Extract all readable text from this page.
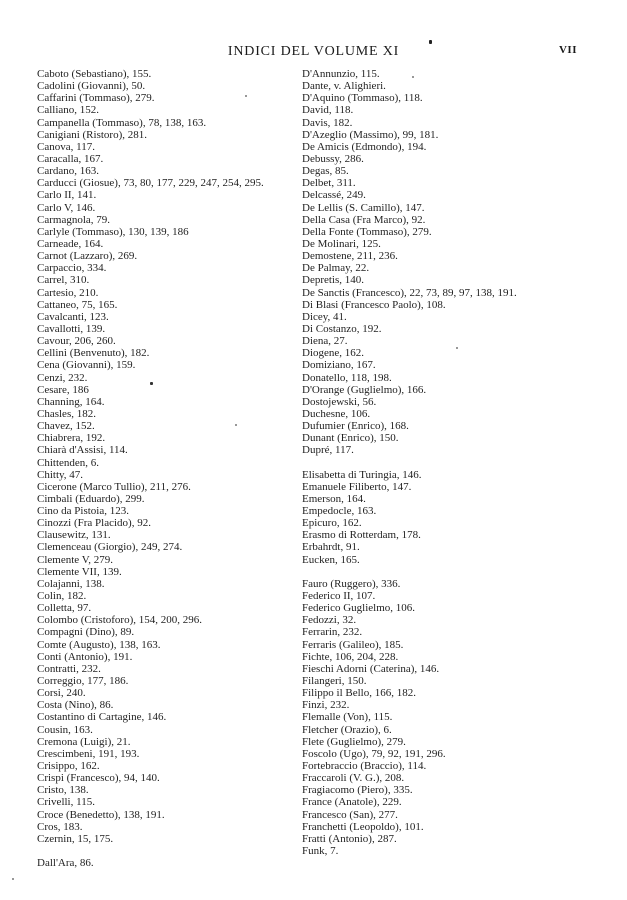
INDICI DEL VOLUME XI	VII
Caboto (Sebastiano), 155.
Cadolini (Giovanni), 50.
Caffarini (Tommaso), 279.
Calliano, 152.
Campanella (Tommaso), 78, 138, 163.
Canigiani (Ristoro), 281.
Canova, 117.
Caracalla, 167.
Cardano, 163.
Carducci (Giosue), 73, 80, 177, 229, 247, 254, 295.
Carlo II, 141.
Carlo V, 146.
Carmagnola, 79.
Carlyle (Tommaso), 130, 139, 186
Carneade, 164.
Carnot (Lazzaro), 269.
Carpaccio, 334.
Carrel, 310.
Cartesio, 210.
Cattaneo, 75, 165.
Cavalcanti, 123.
Cavallotti, 139.
Cavour, 206, 260.
Cellini (Benvenuto), 182.
Cena (Giovanni), 159.
Cenzi, 232.
Cesare, 186
Channing, 164.
Chasles, 182.
Chavez, 152.
Chiabrera, 192.
Chiarà d'Assisi, 114.
Chittenden, 6.
Chitty, 47.
Cicerone (Marco Tullio), 211, 276.
Cimbali (Eduardo), 299.
Cino da Pistoia, 123.
Cinozzi (Fra Placido), 92.
Clausewitz, 131.
Clemenceau (Giorgio), 249, 274.
Clemente V, 279.
Clemente VII, 139.
Colajanni, 138.
Colin, 182.
Colletta, 97.
Colombo (Cristoforo), 154, 200, 296.
Compagni (Dino), 89.
Comte (Augusto), 138, 163.
Conti (Antonio), 191.
Contratti, 232.
Correggio, 177, 186.
Corsi, 240.
Costa (Nino), 86.
Costantino di Cartagine, 146.
Cousin, 163.
Cremona (Luigi), 21.
Crescimbeni, 191, 193.
Crisippo, 162.
Crispi (Francesco), 94, 140.
Cristo, 138.
Crivelli, 115.
Croce (Benedetto), 138, 191.
Cros, 183.
Czernin, 15, 175.
Dall'Ara, 86.
D'Annunzio, 115.
Dante, v. Alighieri.
D'Aquino (Tommaso), 118.
David, 118.
Davis, 182.
D'Azeglio (Massimo), 99, 181.
De Amicis (Edmondo), 194.
Debussy, 286.
Degas, 85.
Delbet, 311.
Delcassé, 249.
De Lellis (S. Camillo), 147.
Della Casa (Fra Marco), 92.
Della Fonte (Tommaso), 279.
De Molinari, 125.
Demostene, 211, 236.
De Palmay, 22.
Depretis, 140.
De Sanctis (Francesco), 22, 73, 89, 97, 138, 191.
Di Blasi (Francesco Paolo), 108.
Dicey, 41.
Di Costanzo, 192.
Diena, 27.
Diogene, 162.
Domiziano, 167.
Donatello, 118, 198.
D'Orange (Guglielmo), 166.
Dostojewski, 56.
Duchesne, 106.
Dufumier (Enrico), 168.
Dunant (Enrico), 150.
Dupré, 117.
Elisabetta di Turingia, 146.
Emanuele Filiberto, 147.
Emerson, 164.
Empedocle, 163.
Epicuro, 162.
Erasmo di Rotterdam, 178.
Erbahrdt, 91.
Eucken, 165.
Fauro (Ruggero), 336.
Federico II, 107.
Federico Guglielmo, 106.
Fedozzi, 32.
Ferrarin, 232.
Ferraris (Galileo), 185.
Fichte, 106, 204, 228.
Fieschi Adorni (Caterina), 146.
Filangeri, 150.
Filippo il Bello, 166, 182.
Finzi, 232.
Flemalle (Von), 115.
Fletcher (Orazio), 6.
Flete (Guglielmo), 279.
Foscolo (Ugo), 79, 92, 191, 296.
Fortebraccio (Braccio), 114.
Fraccaroli (V. G.), 208.
Fragiacomo (Piero), 335.
France (Anatole), 229.
Francesco (San), 277.
Franchetti (Leopoldo), 101.
Fratti (Antonio), 287.
Funk, 7.
